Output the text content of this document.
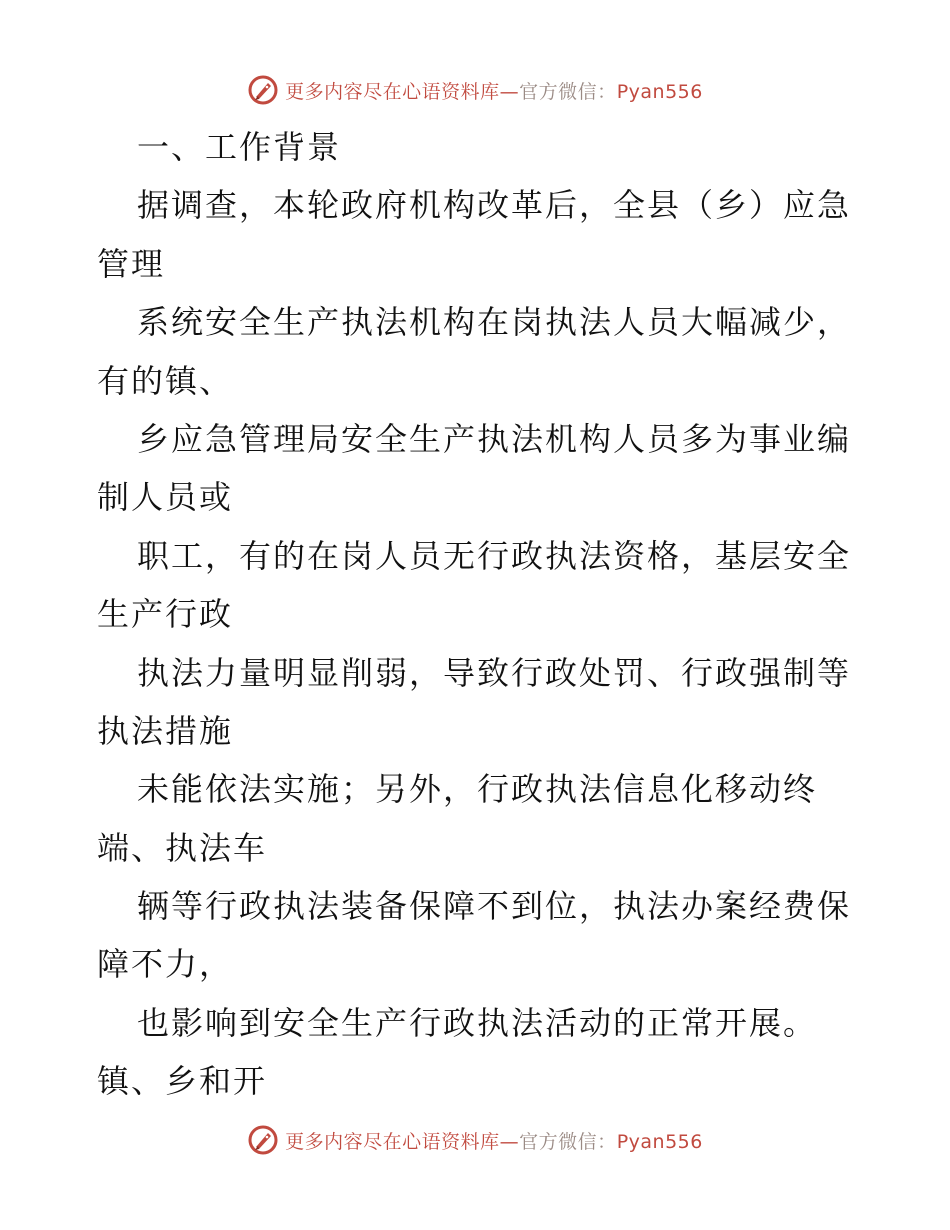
更多内容尽在心语资料库—官方微信：Pyan556
一、工作背景
据调查，本轮政府机构改革后，全县（乡）应急
管理
系统安全生产执法机构在岗执法人员大幅减少，
有的镇、
乡应急管理局安全生产执法机构人员多为事业编
制人员或
职工，有的在岗人员无行政执法资格，基层安全
生产行政
执法力量明显削弱，导致行政处罚、行政强制等
执法措施
未能依法实施；另外，行政执法信息化移动终
端、执法车
辆等行政执法装备保障不到位，执法办案经费保
障不力，
也影响到安全生产行政执法活动的正常开展。
镇、乡和开
更多内容尽在心语资料库—官方微信：Pyan556
